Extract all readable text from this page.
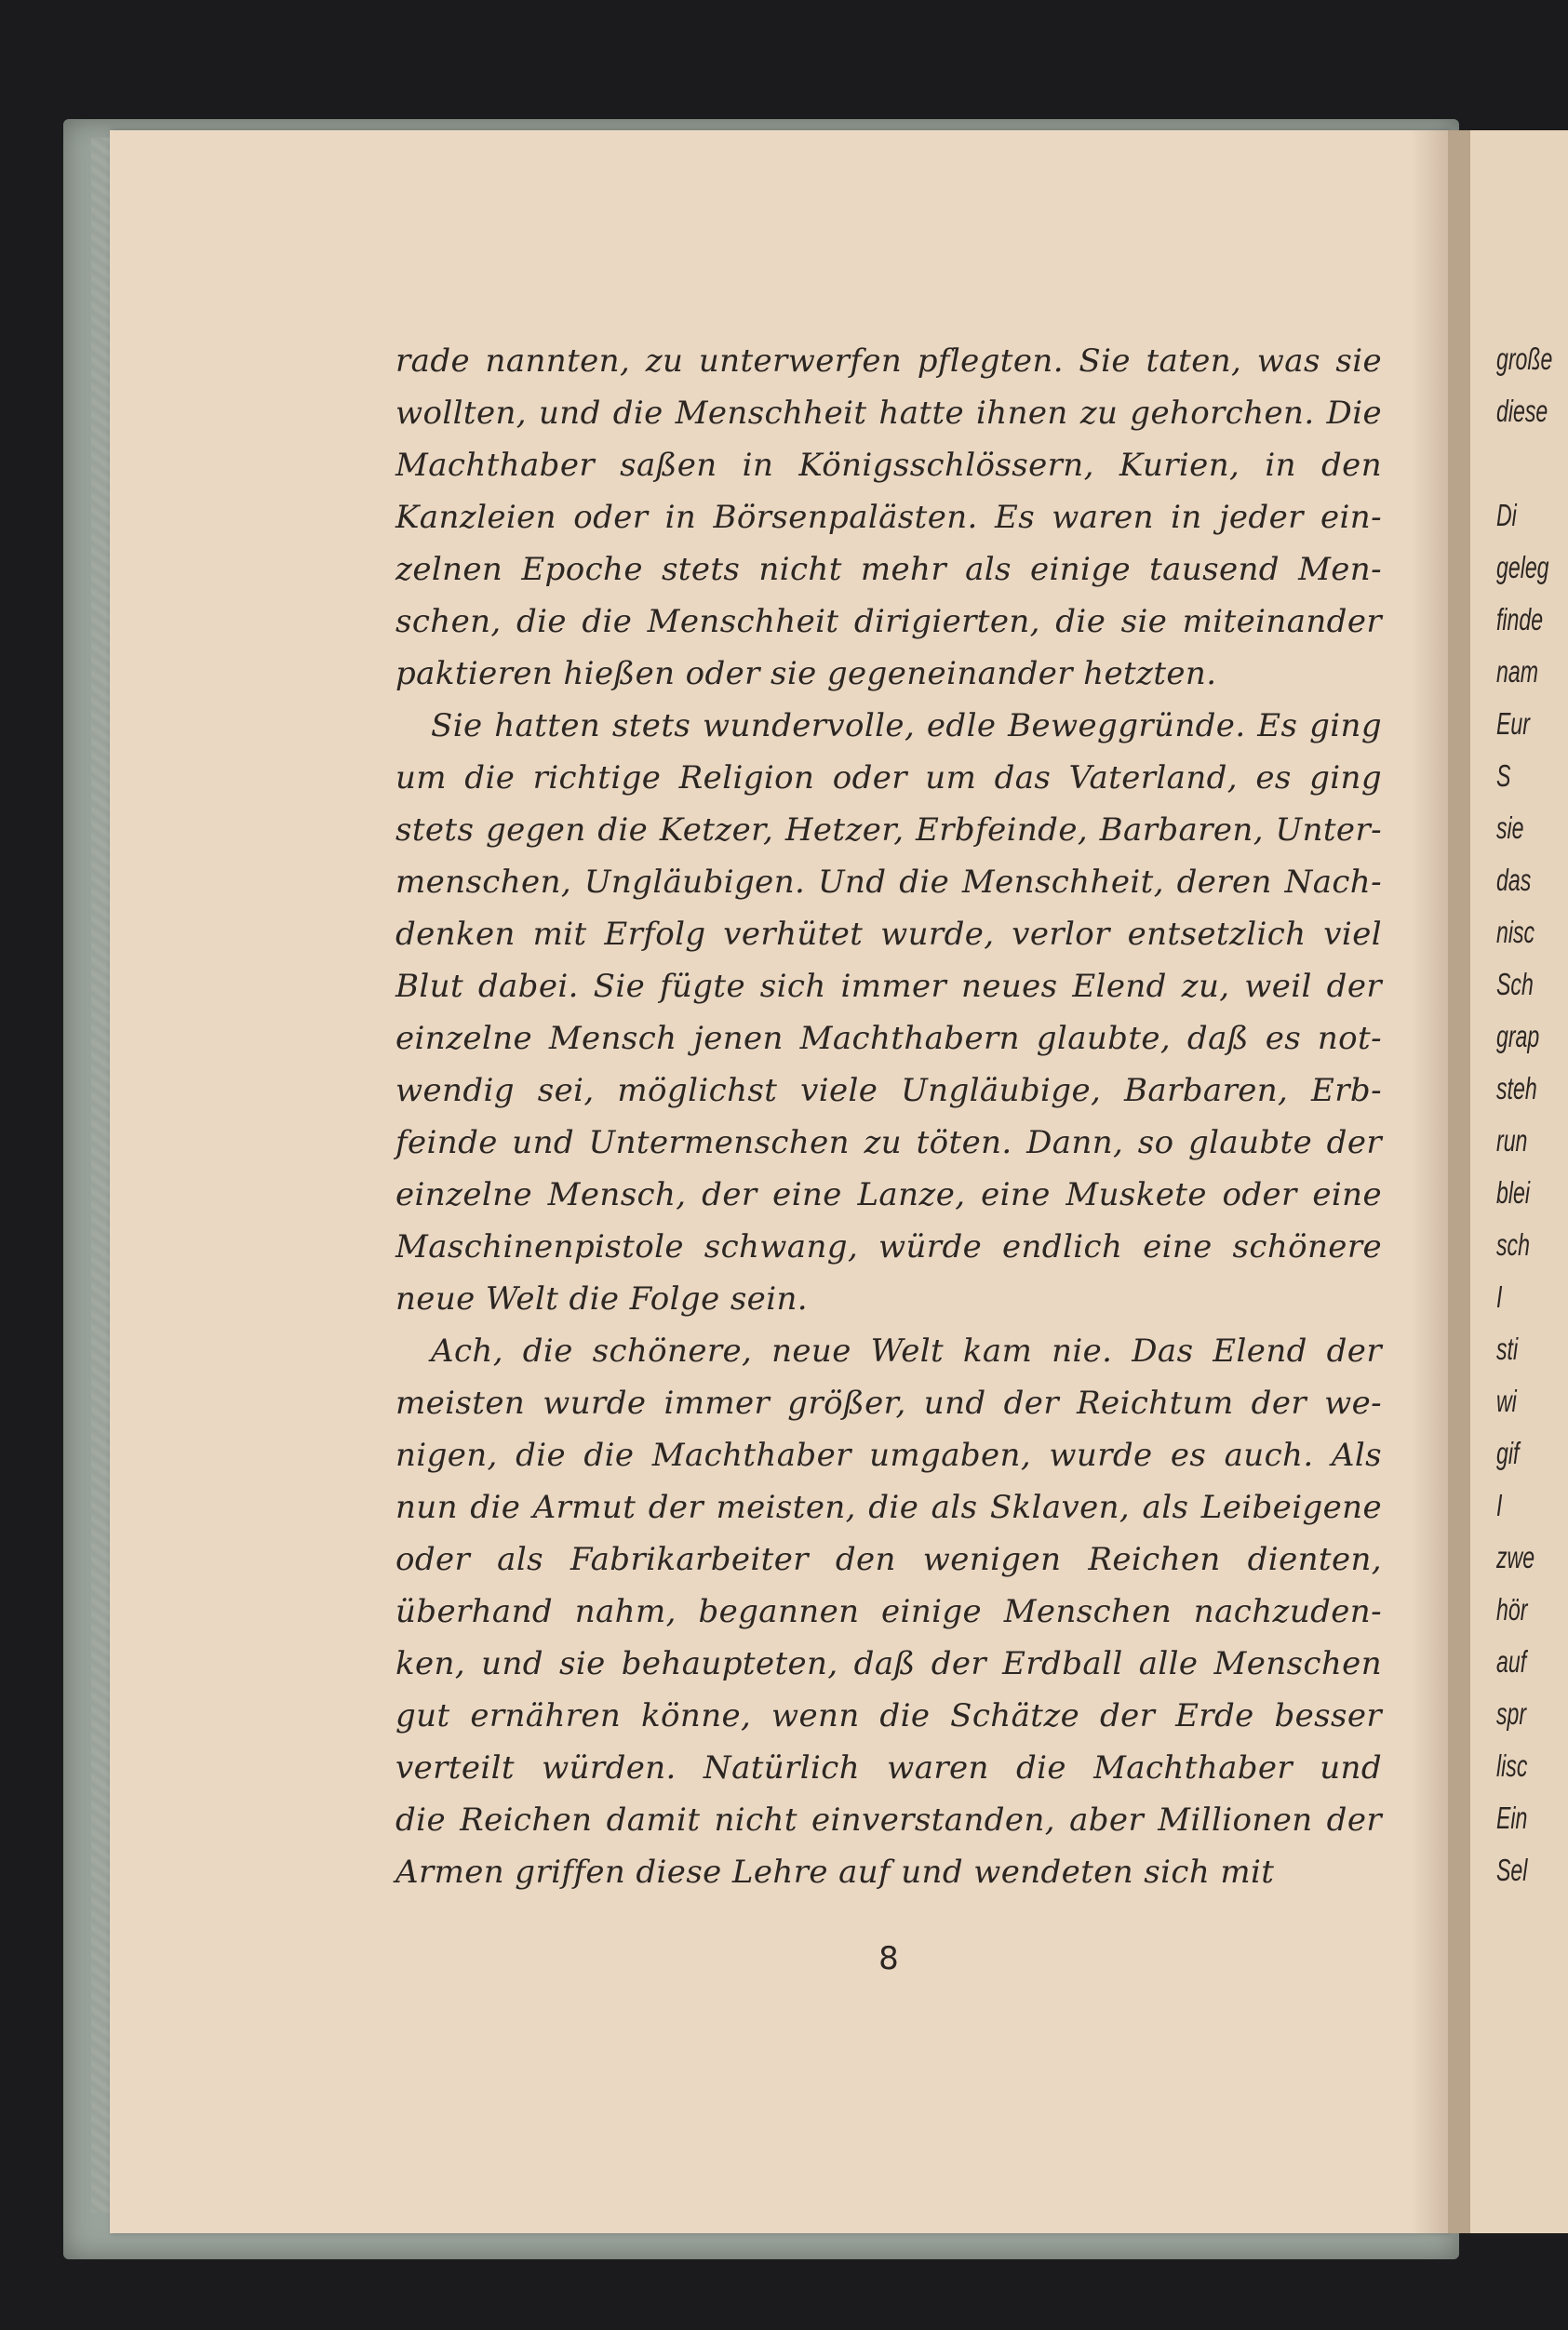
große
diese

Di
geleg
finde
nam
Eur
S
sie
das
nisc
Sch
grap
steh
run
blei
sch
I
sti
wi
gif
I
zwe
hör
auf
spr
lisc
Ein
Sel
rade nannten, zu unterwerfen pflegten. Sie taten, was sie
wollten, und die Menschheit hatte ihnen zu gehorchen. Die
Machthaber saßen in Königsschlössern, Kurien, in den
Kanzleien oder in Börsenpalästen. Es waren in jeder ein-
zelnen Epoche stets nicht mehr als einige tausend Men-
schen, die die Menschheit dirigierten, die sie miteinander
paktieren hießen oder sie gegeneinander hetzten.
Sie hatten stets wundervolle, edle Beweggründe. Es ging
um die richtige Religion oder um das Vaterland, es ging
stets gegen die Ketzer, Hetzer, Erbfeinde, Barbaren, Unter-
menschen, Ungläubigen. Und die Menschheit, deren Nach-
denken mit Erfolg verhütet wurde, verlor entsetzlich viel
Blut dabei. Sie fügte sich immer neues Elend zu, weil der
einzelne Mensch jenen Machthabern glaubte, daß es not-
wendig sei, möglichst viele Ungläubige, Barbaren, Erb-
feinde und Untermenschen zu töten. Dann, so glaubte der
einzelne Mensch, der eine Lanze, eine Muskete oder eine
Maschinenpistole schwang, würde endlich eine schönere
neue Welt die Folge sein.
Ach, die schönere, neue Welt kam nie. Das Elend der
meisten wurde immer größer, und der Reichtum der we-
nigen, die die Machthaber umgaben, wurde es auch. Als
nun die Armut der meisten, die als Sklaven, als Leibeigene
oder als Fabrikarbeiter den wenigen Reichen dienten,
überhand nahm, begannen einige Menschen nachzuden-
ken, und sie behaupteten, daß der Erdball alle Menschen
gut ernähren könne, wenn die Schätze der Erde besser
verteilt würden. Natürlich waren die Machthaber und
die Reichen damit nicht einverstanden, aber Millionen der
Armen griffen diese Lehre auf und wendeten sich mit
8
